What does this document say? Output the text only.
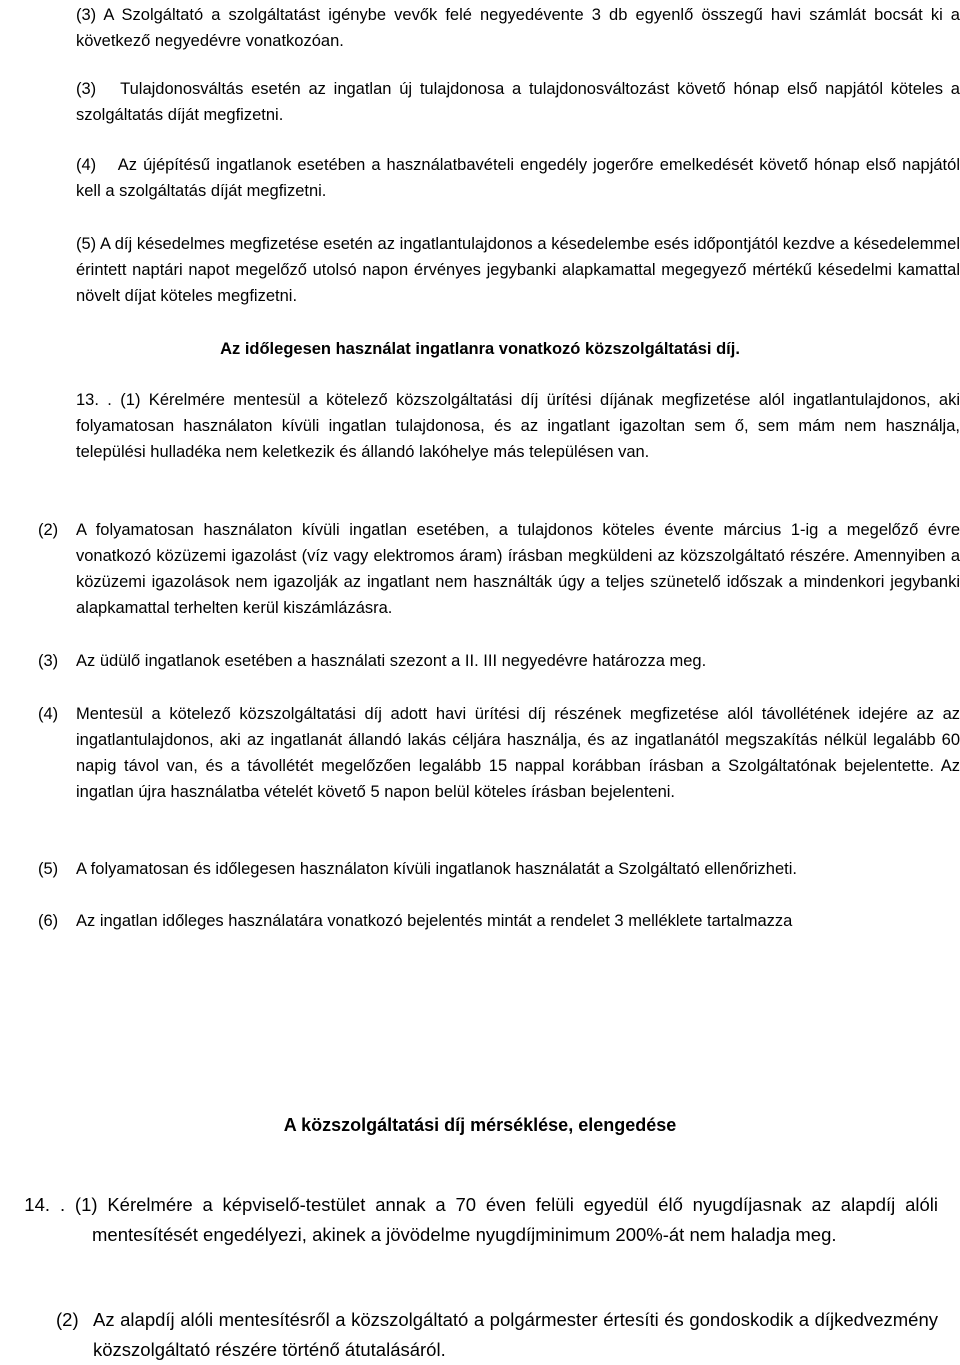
(3) A Szolgáltató a szolgáltatást igénybe vevők felé negyedévente 3 db egyenlő összegű havi számlát bocsát ki a következő negyedévre vonatkozóan.

(3)  Tulajdonosváltás esetén az ingatlan új tulajdonosa a tulajdonosváltozást követő hónap első napjától köteles a szolgáltatás díját megfizetni.

(4)  Az újépítésű ingatlanok esetében a használatbavételi engedély jogerőre emelkedését követő hónap első napjától kell a szolgáltatás díját megfizetni.

(5) A díj késedelmes megfizetése esetén az ingatlantulajdonos a késedelembe esés időpontjától kezdve a késedelemmel érintett naptári napot megelőző utolsó napon érvényes jegybanki alapkamattal megegyező mértékű késedelmi kamattal növelt díjat köteles megfizetni.

Az időlegesen használat ingatlanra vonatkozó közszolgáltatási díj.

13. . (1) Kérelmére mentesül a kötelező közszolgáltatási díj ürítési díjának megfizetése alól ingatlantulajdonos, aki folyamatosan használaton kívüli ingatlan tulajdonosa, és az ingatlant igazoltan sem ő, sem mám nem használja, települési hulladéka nem keletkezik és állandó lakóhelye más településen van.

(2)	A folyamatosan használaton kívüli ingatlan esetében, a tulajdonos köteles évente március 1-ig a megelőző évre vonatkozó közüzemi igazolást (víz vagy elektromos áram) írásban megküldeni az közszolgáltató részére. Amennyiben a közüzemi igazolások nem igazolják az ingatlant nem használták úgy a teljes szünetelő időszak a mindenkori jegybanki alapkamattal terhelten kerül kiszámlázásra.
(3)	Az üdülő ingatlanok esetében a használati szezont a II. III negyedévre határozza meg.
(4)	Mentesül a kötelező közszolgáltatási díj adott havi ürítési díj részének megfizetése alól távollétének idejére az az ingatlantulajdonos, aki az ingatlanát állandó lakás céljára használja, és az ingatlanától megszakítás nélkül legalább 60 napig távol van, és a távollétét megelőzően legalább 15 nappal korábban írásban a Szolgáltatónak bejelentette. Az ingatlan újra használatba vételét követő 5 napon belül köteles írásban bejelenteni.
(5)	A folyamatosan és időlegesen használaton kívüli ingatlanok használatát a Szolgáltató ellenőrizheti.
(6)	Az ingatlan időleges használatára vonatkozó bejelentés mintát a rendelet 3 melléklete tartalmazza

A közszolgáltatási díj mérséklése, elengedése

14. . (1) Kérelmére a képviselő-testület annak a 70 éven felüli egyedül élő nyugdíjasnak az alapdíj alóli mentesítését engedélyezi, akinek a jövödelme nyugdíjminimum 200%-át nem haladja meg.
(2) Az alapdíj alóli mentesítésről a közszolgáltató a polgármester értesíti és gondoskodik a díjkedvezmény közszolgáltató részére történő átutalásáról.
